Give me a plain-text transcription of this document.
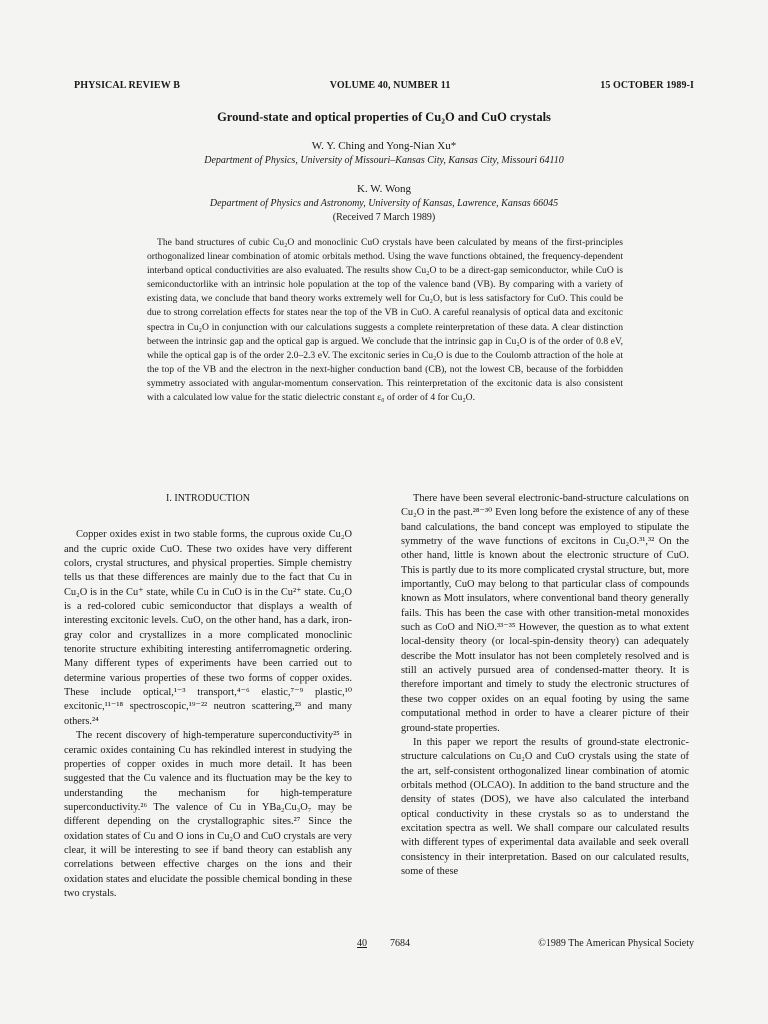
PHYSICAL REVIEW B	VOLUME 40, NUMBER 11	15 OCTOBER 1989-I
Ground-state and optical properties of Cu₂O and CuO crystals
W. Y. Ching and Yong-Nian Xu*
Department of Physics, University of Missouri–Kansas City, Kansas City, Missouri 64110
K. W. Wong
Department of Physics and Astronomy, University of Kansas, Lawrence, Kansas 66045
(Received 7 March 1989)

The band structures of cubic Cu₂O and monoclinic CuO crystals have been calculated by means of the first-principles orthogonalized linear combination of atomic orbitals method. Using the wave functions obtained, the frequency-dependent interband optical conductivities are also evaluated. The results show Cu₂O to be a direct-gap semiconductor, while CuO is semiconductorlike with an intrinsic hole population at the top of the valence band (VB). By comparing with a variety of existing data, we conclude that band theory works extremely well for Cu₂O, but is less satisfactory for CuO. This could be due to strong correlation effects for states near the top of the VB in CuO. A careful reanalysis of optical data and excitonic spectra in Cu₂O in conjunction with our calculations suggests a complete reinterpretation of these data. A clear distinction between the intrinsic gap and the optical gap is argued. We conclude that the intrinsic gap in Cu₂O is of the order of 0.8 eV, while the optical gap is of the order 2.0–2.3 eV. The excitonic series in Cu₂O is due to the Coulomb attraction of the hole at the top of the VB and the electron in the next-higher conduction band (CB), not the lowest CB, because of the forbidden symmetry associated with angular-momentum conservation. This reinterpretation of the excitonic data is also consistent with a calculated low value for the static dielectric constant ε₀ of order of 4 for Cu₂O.

I. INTRODUCTION

Copper oxides exist in two stable forms, the cuprous oxide Cu₂O and the cupric oxide CuO. These two oxides have very different colors, crystal structures, and physical properties. Simple chemistry tells us that these differences are mainly due to the fact that Cu in Cu₂O is in the Cu⁺ state, while Cu in CuO is in the Cu²⁺ state. Cu₂O is a red-colored cubic semiconductor that displays a wealth of interesting excitonic levels. CuO, on the other hand, has a dark, iron-gray color and crystallizes in a more complicated monoclinic tenorite structure exhibiting interesting antiferromagnetic ordering. Many different types of experiments have been carried out to determine various properties of these two forms of copper oxides. These include optical,¹⁻³ transport,⁴⁻⁶ elastic,⁷⁻⁹ plastic,¹⁰ excitonic,¹¹⁻¹⁸ spectroscopic,¹⁹⁻²² neutron scattering,²³ and many others.²⁴

The recent discovery of high-temperature superconductivity²⁵ in ceramic oxides containing Cu has rekindled interest in studying the properties of copper oxides in much more detail. It has been suggested that the Cu valence and its fluctuation may be the key to understanding the mechanism for high-temperature superconductivity.²⁶ The valence of Cu in YBa₂Cu₃O₇ may be different depending on the crystallographic sites.²⁷ Since the oxidation states of Cu and O ions in Cu₂O and CuO crystals are very clear, it will be interesting to see if band theory can establish any correlations between effective charges on the ions and their oxidation states and elucidate the possible chemical bonding in these two crystals.

There have been several electronic-band-structure calculations on Cu₂O in the past.²⁸⁻³⁰ Even long before the existence of any of these band calculations, the band concept was employed to stipulate the symmetry of the wave functions of excitons in Cu₂O.³¹,³² On the other hand, little is known about the electronic structure of CuO. This is partly due to its more complicated crystal structure, but, more importantly, CuO may belong to that particular class of compounds known as Mott insulators, where conventional band theory generally fails. This has been the case with other transition-metal monoxides such as CoO and NiO.³³⁻³⁵ However, the question as to what extent local-density theory (or local-spin-density theory) can adequately describe the Mott insulator has not been completely resolved and is still an actively pursued area of condensed-matter theory. It is therefore important and timely to study the electronic structures of these two copper oxides on an equal footing by using the same computational method in order to have a clearer picture of their ground-state properties.

In this paper we report the results of ground-state electronic-structure calculations on Cu₂O and CuO crystals using the state of the art, self-consistent orthogonalized linear combination of atomic orbitals method (OLCAO). In addition to the band structure and the density of states (DOS), we have also calculated the interband optical conductivity in these crystals so as to understand the excitation spectra as well. We shall compare our calculated results with different types of experimental data available and seek overall consistency in their interpretation. Based on our calculated results, some of these

40 7684	©1989 The American Physical Society
